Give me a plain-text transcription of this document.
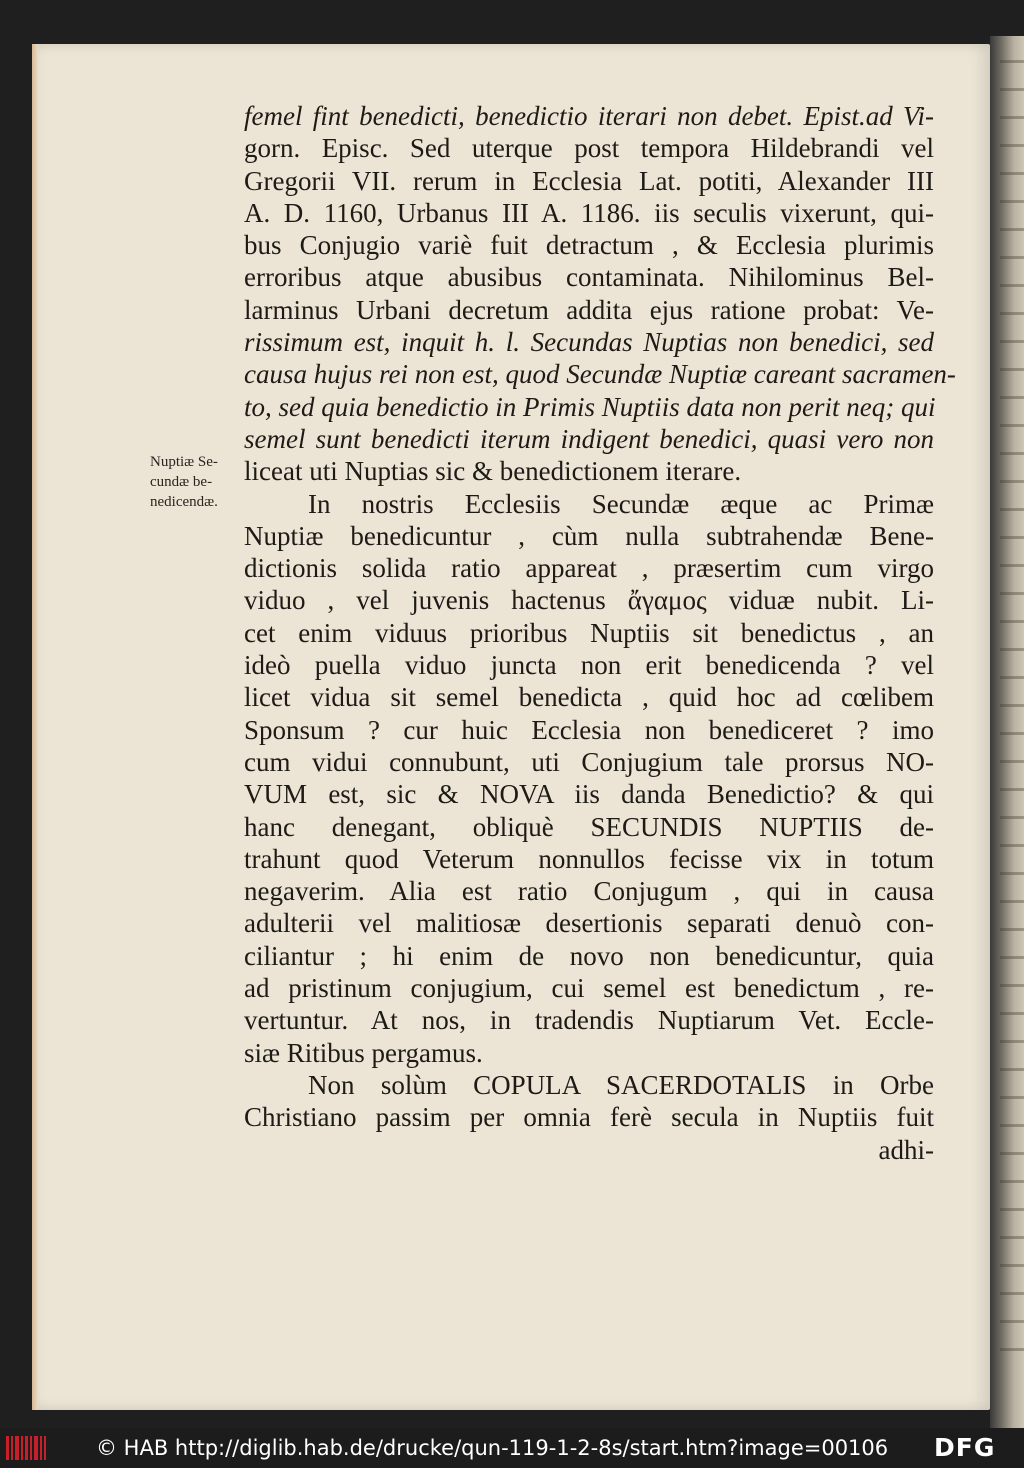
Nuptiæ Se-
cundæ be-
nedicendæ.
femel fint benedicti, benedictio iterari non debet. Epist.ad Vi-
gorn. Episc. Sed uterque post tempora Hildebrandi vel
Gregorii VII. rerum in Ecclesia Lat. potiti, Alexander III
A. D. 1160, Urbanus III A. 1186. iis seculis vixerunt, qui-
bus Conjugio variè fuit detractum , & Ecclesia plurimis
erroribus atque abusibus contaminata. Nihilominus Bel-
larminus Urbani decretum addita ejus ratione probat: Ve-
rissimum est, inquit h. l. Secundas Nuptias non benedici, sed
causa hujus rei non est, quod Secundæ Nuptiæ careant sacramen-
to, sed quia benedictio in Primis Nuptiis data non perit neq; qui
semel sunt benedicti iterum indigent benedici, quasi vero non
liceat uti Nuptias sic & benedictionem iterare.
In nostris Ecclesiis Secundæ æque ac Primæ
Nuptiæ benedicuntur , cùm nulla subtrahendæ Bene-
dictionis solida ratio appareat , præsertim cum virgo
viduo , vel juvenis hactenus ἄγαμος viduæ nubit. Li-
cet enim viduus prioribus Nuptiis sit benedictus , an
ideò puella viduo juncta non erit benedicenda ? vel
licet vidua sit semel benedicta , quid hoc ad cœlibem
Sponsum ? cur huic Ecclesia non benediceret ? imo
cum vidui connubunt, uti Conjugium tale prorsus NO-
VUM est, sic & NOVA iis danda Benedictio? & qui
hanc denegant, obliquè SECUNDIS NUPTIIS de-
trahunt quod Veterum nonnullos fecisse vix in totum
negaverim. Alia est ratio Conjugum , qui in causa
adulterii vel malitiosæ desertionis separati denuò con-
ciliantur ; hi enim de novo non benedicuntur, quia
ad pristinum conjugium, cui semel est benedictum , re-
vertuntur. At nos, in tradendis Nuptiarum Vet. Eccle-
siæ Ritibus pergamus.
Non solùm COPULA SACERDOTALIS in Orbe
Christiano passim per omnia ferè secula in Nuptiis fuit
adhi-
© HAB http://diglib.hab.de/drucke/qun-119-1-2-8s/start.htm?image=00106 DFG
